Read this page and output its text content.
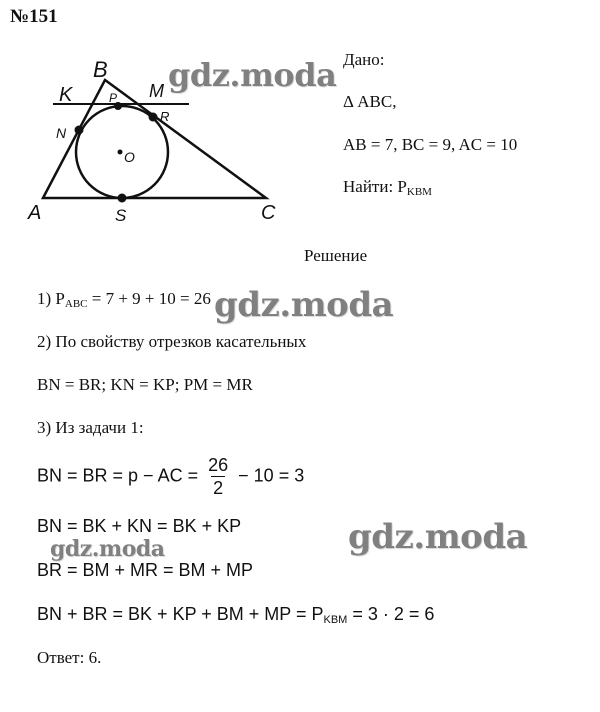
№151
B
K	P M
R
N
O
A	S	C
Дано:
Δ ABC,
AB = 7, BC = 9, AC = 10
Найти: $P_{KBM}$
Решение
1) $P_{ABC} = 7 + 9 + 10 = 26$
2) По свойству отрезков касательных
BN = BR; KN = KP; PM = MR
3) Из задачи 1:
BN = BR = p − AC = $\frac{26}{2} - 10 = 3$
BN = BK + KN = BK + KP
BR = BM + MR = BM + MP
BN + BR = BK + KP + BM + MP = $P_{KBM} = 3 \cdot 2 = 6$
Ответ: 6.
gdz.moda
gdz.moda
gdz.moda
gdz.moda
